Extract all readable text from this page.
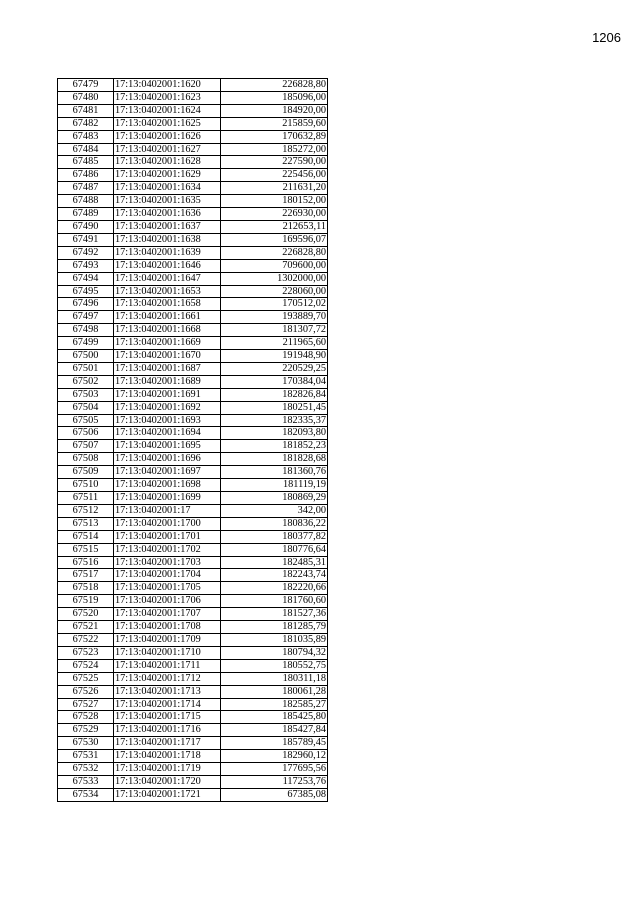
1206
67479	17:13:0402001:1620	226828,80
67480	17:13:0402001:1623	185096,00
67481	17:13:0402001:1624	184920,00
67482	17:13:0402001:1625	215859,60
67483	17:13:0402001:1626	170632,89
67484	17:13:0402001:1627	185272,00
67485	17:13:0402001:1628	227590,00
67486	17:13:0402001:1629	225456,00
67487	17:13:0402001:1634	211631,20
67488	17:13:0402001:1635	180152,00
67489	17:13:0402001:1636	226930,00
67490	17:13:0402001:1637	212653,11
67491	17:13:0402001:1638	169596,07
67492	17:13:0402001:1639	226828,80
67493	17:13:0402001:1646	709600,00
67494	17:13:0402001:1647	1302000,00
67495	17:13:0402001:1653	228060,00
67496	17:13:0402001:1658	170512,02
67497	17:13:0402001:1661	193889,70
67498	17:13:0402001:1668	181307,72
67499	17:13:0402001:1669	211965,60
67500	17:13:0402001:1670	191948,90
67501	17:13:0402001:1687	220529,25
67502	17:13:0402001:1689	170384,04
67503	17:13:0402001:1691	182826,84
67504	17:13:0402001:1692	180251,45
67505	17:13:0402001:1693	182335,37
67506	17:13:0402001:1694	182093,80
67507	17:13:0402001:1695	181852,23
67508	17:13:0402001:1696	181828,68
67509	17:13:0402001:1697	181360,76
67510	17:13:0402001:1698	181119,19
67511	17:13:0402001:1699	180869,29
67512	17:13:0402001:17	342,00
67513	17:13:0402001:1700	180836,22
67514	17:13:0402001:1701	180377,82
67515	17:13:0402001:1702	180776,64
67516	17:13:0402001:1703	182485,31
67517	17:13:0402001:1704	182243,74
67518	17:13:0402001:1705	182220,66
67519	17:13:0402001:1706	181760,60
67520	17:13:0402001:1707	181527,36
67521	17:13:0402001:1708	181285,79
67522	17:13:0402001:1709	181035,89
67523	17:13:0402001:1710	180794,32
67524	17:13:0402001:1711	180552,75
67525	17:13:0402001:1712	180311,18
67526	17:13:0402001:1713	180061,28
67527	17:13:0402001:1714	182585,27
67528	17:13:0402001:1715	185425,80
67529	17:13:0402001:1716	185427,84
67530	17:13:0402001:1717	185789,45
67531	17:13:0402001:1718	182960,12
67532	17:13:0402001:1719	177695,56
67533	17:13:0402001:1720	117253,76
67534	17:13:0402001:1721	67385,08
